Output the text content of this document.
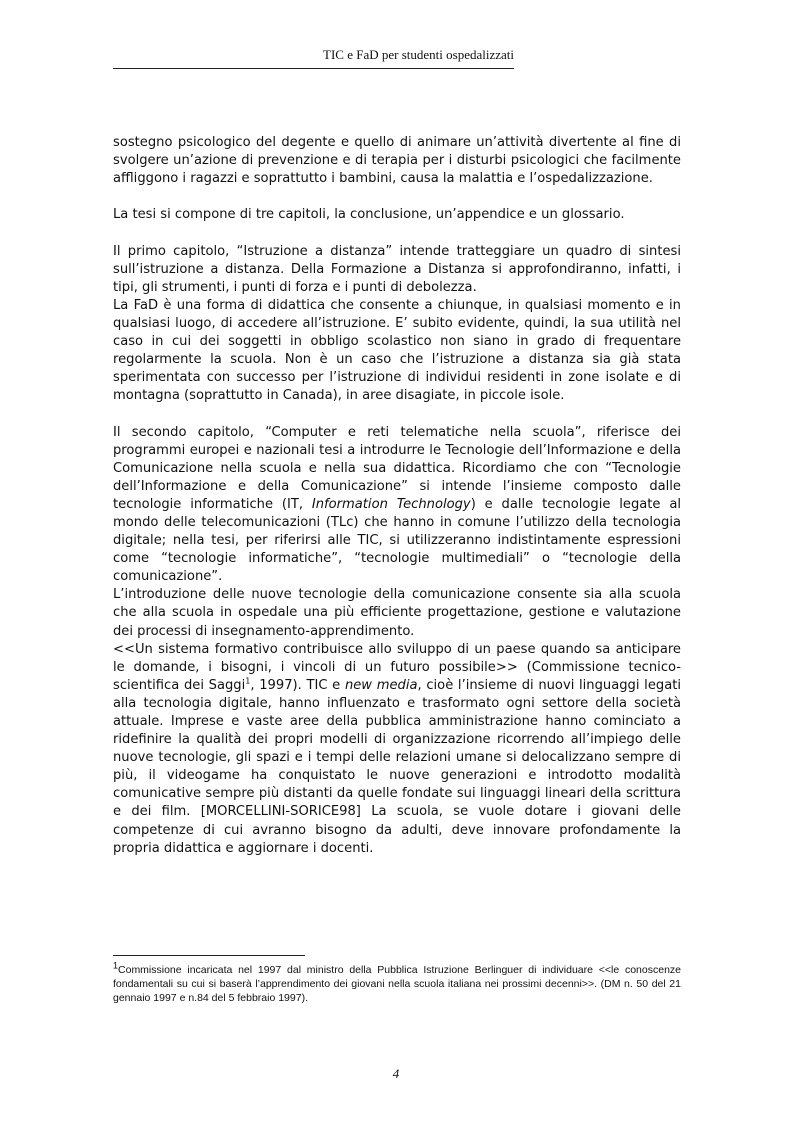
TIC e FaD per studenti ospedalizzati

sostegno psicologico del degente e quello di animare un’attività divertente al fine di svolgere un’azione di prevenzione e di terapia per i disturbi psicologici che facilmente affliggono i ragazzi e soprattutto i bambini, causa la malattia e l’ospedalizzazione.

La tesi si compone di tre capitoli, la conclusione, un’appendice e un glossario.

Il primo capitolo, “Istruzione a distanza” intende tratteggiare un quadro di sintesi sull’istruzione a distanza. Della Formazione a Distanza si approfondiranno, infatti, i tipi, gli strumenti, i punti di forza e i punti di debolezza.

La FaD è una forma di didattica che consente a chiunque, in qualsiasi momento e in qualsiasi luogo, di accedere all’istruzione. E’ subito evidente, quindi, la sua utilità nel caso in cui dei soggetti in obbligo scolastico non siano in grado di frequentare regolarmente la scuola. Non è un caso che l’istruzione a distanza sia già stata sperimentata con successo per l’istruzione di individui residenti in zone isolate e di montagna (soprattutto in Canada), in aree disagiate, in piccole isole.

Il secondo capitolo, “Computer e reti telematiche nella scuola”, riferisce dei programmi europei e nazionali tesi a introdurre le Tecnologie dell’Informazione e della Comunicazione nella scuola e nella sua didattica. Ricordiamo che con “Tecnologie dell’Informazione e della Comunicazione” si intende l’insieme composto dalle tecnologie informatiche (IT, Information Technology) e dalle tecnologie legate al mondo delle telecomunicazioni (TLc) che hanno in comune l’utilizzo della tecnologia digitale; nella tesi, per riferirsi alle TIC, si utilizzeranno indistintamente espressioni come “tecnologie informatiche”, “tecnologie multimediali” o “tecnologie della comunicazione”.

L’introduzione delle nuove tecnologie della comunicazione consente sia alla scuola che alla scuola in ospedale una più efficiente progettazione, gestione e valutazione dei processi di insegnamento-apprendimento.

<<Un sistema formativo contribuisce allo sviluppo di un paese quando sa anticipare le domande, i bisogni, i vincoli di un futuro possibile>> (Commissione tecnico-scientifica dei Saggi$^1$, 1997). TIC e new media, cioè l’insieme di nuovi linguaggi legati alla tecnologia digitale, hanno influenzato e trasformato ogni settore della società attuale. Imprese e vaste aree della pubblica amministrazione hanno cominciato a ridefinire la qualità dei propri modelli di organizzazione ricorrendo all’impiego delle nuove tecnologie, gli spazi e i tempi delle relazioni umane si delocalizzano sempre di più, il videogame ha conquistato le nuove generazioni e introdotto modalità comunicative sempre più distanti da quelle fondate sui linguaggi lineari della scrittura e dei film. [MORCELLINI-SORICE98] La scuola, se vuole dotare i giovani delle competenze di cui avranno bisogno da adulti, deve innovare profondamente la propria didattica e aggiornare i docenti.

1Commissione incaricata nel 1997 dal ministro della Pubblica Istruzione Berlinguer di individuare <<le conoscenze fondamentali su cui si baserà l’apprendimento dei giovani nella scuola italiana nei prossimi decenni>>. (DM n. 50 del 21 gennaio 1997 e n.84 del 5 febbraio 1997).
4
